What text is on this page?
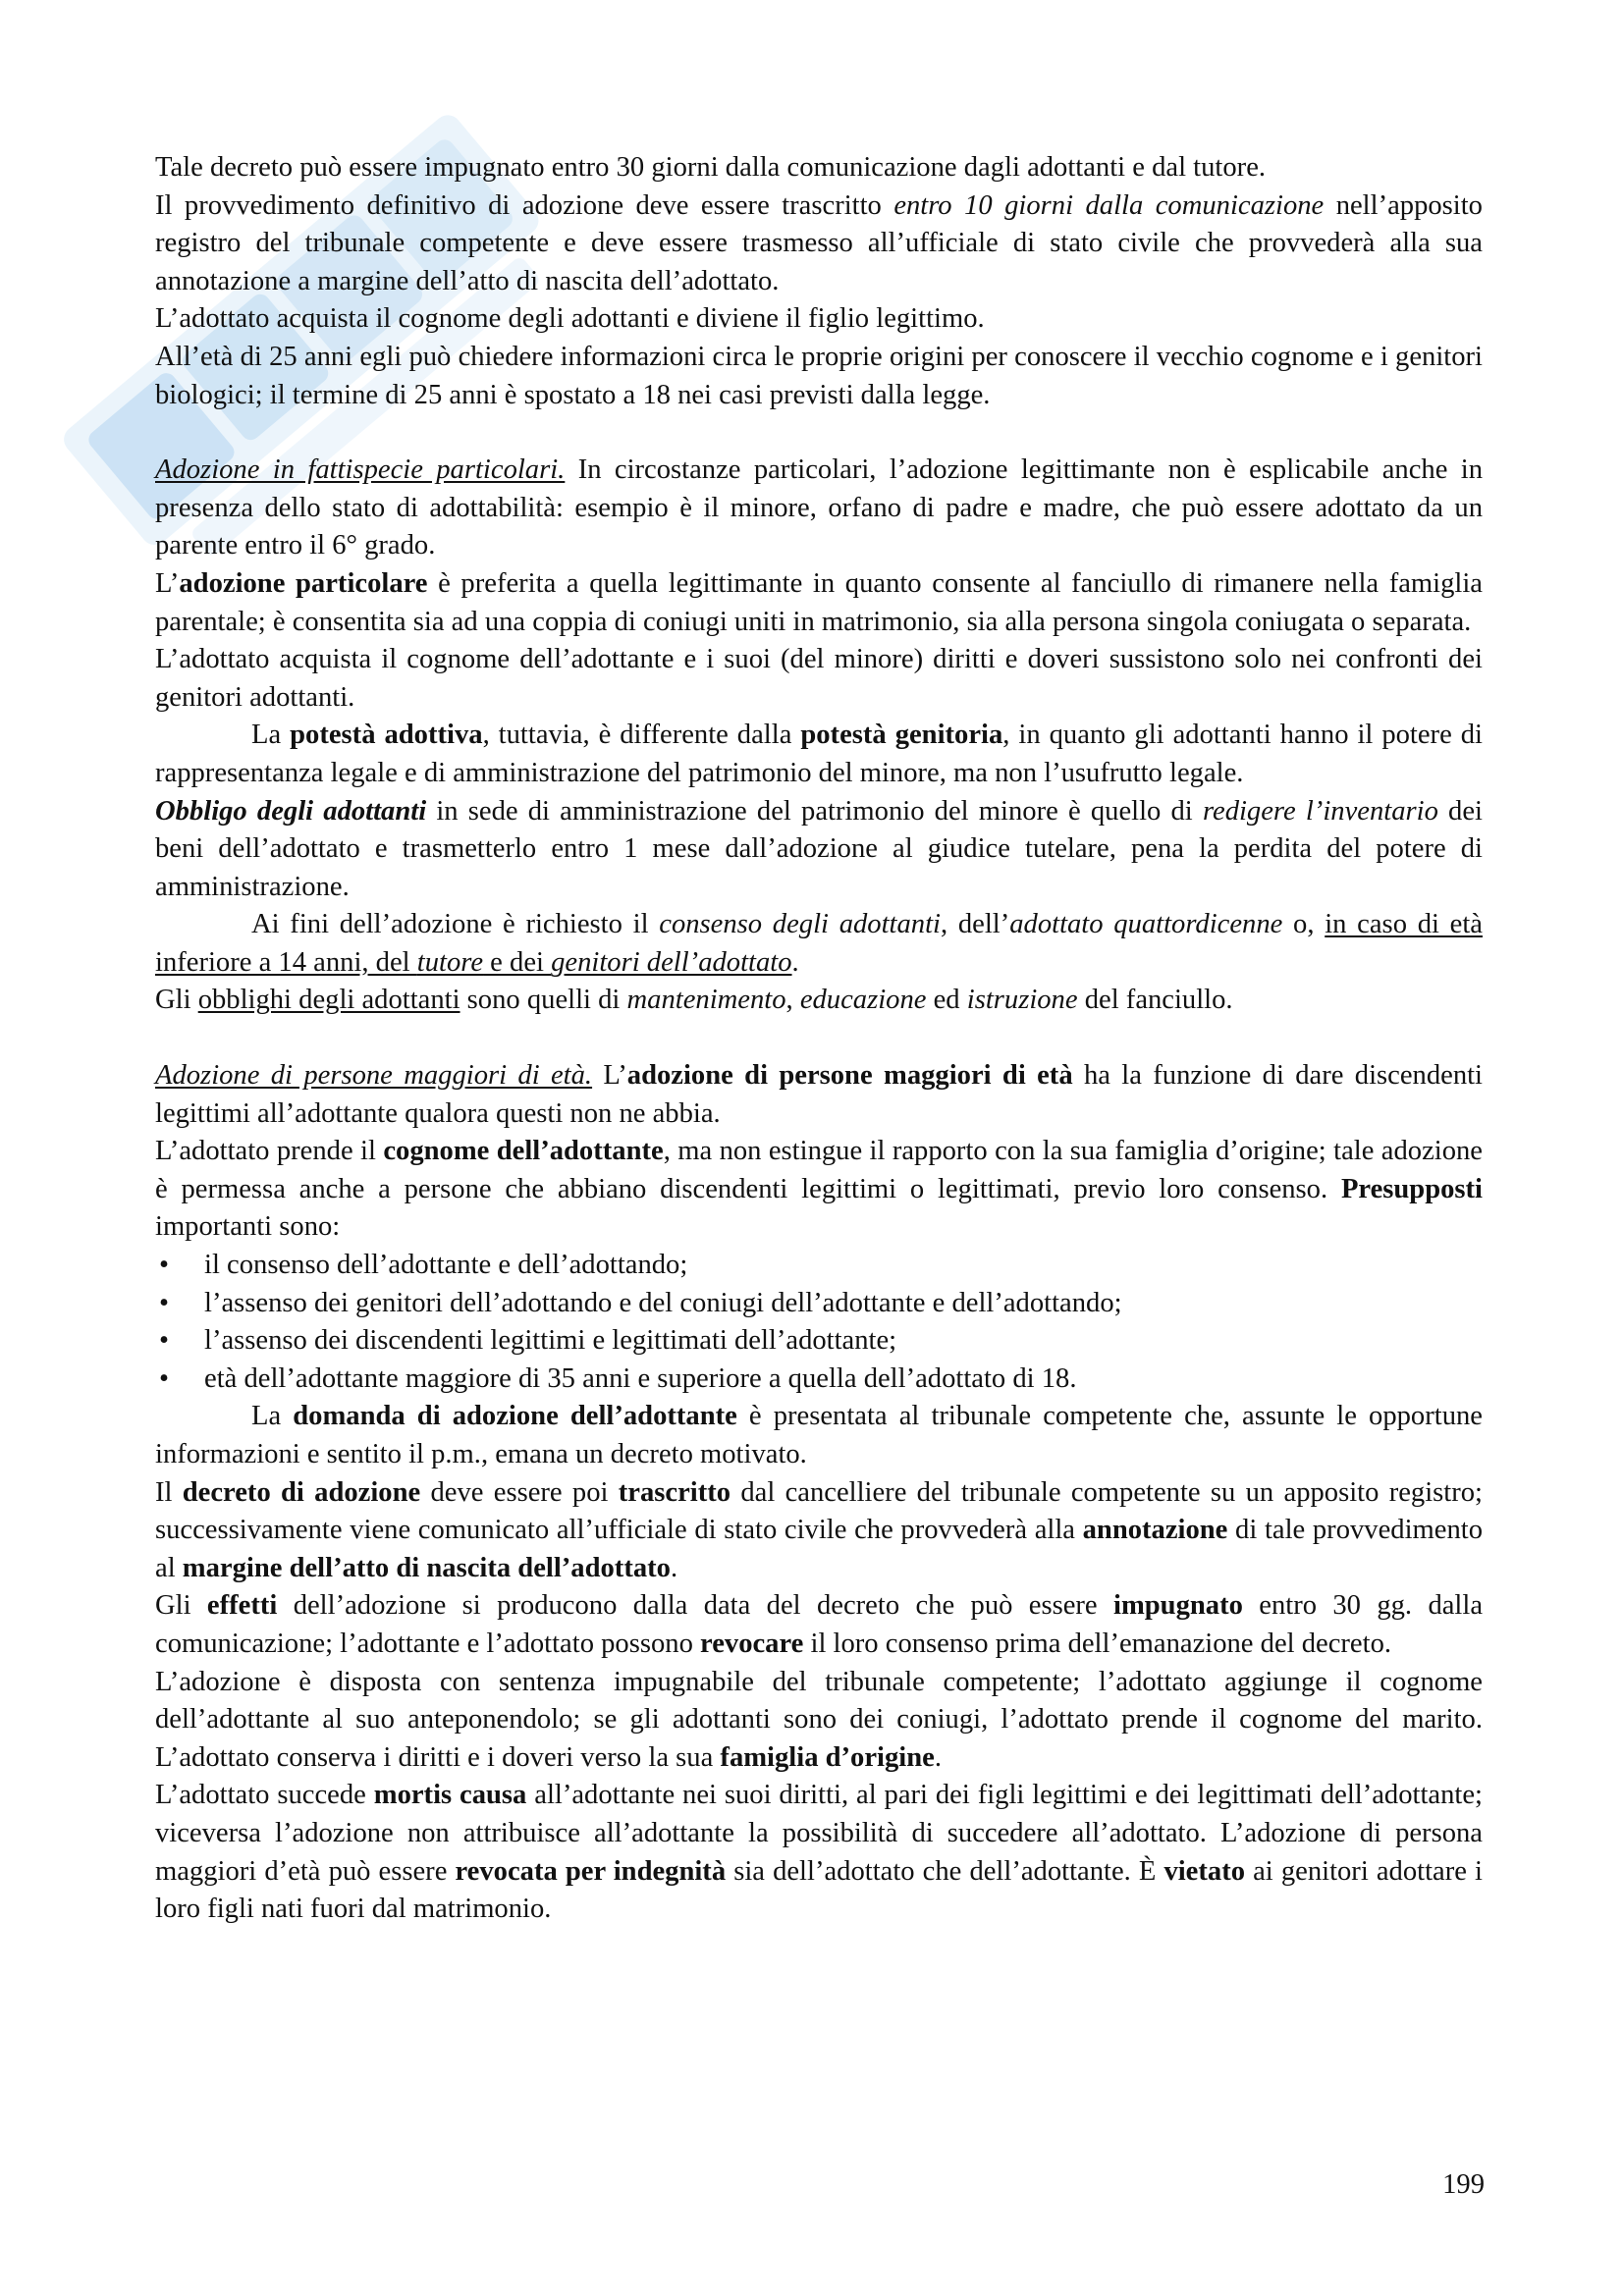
Tale decreto può essere impugnato entro 30 giorni dalla comunicazione dagli adottanti e dal tutore.

Il provvedimento definitivo di adozione deve essere trascritto entro 10 giorni dalla comunicazione nell’apposito registro del tribunale competente e deve essere trasmesso all’ufficiale di stato civile che provvederà alla sua annotazione a margine dell’atto di nascita dell’adottato.

L’adottato acquista il cognome degli adottanti e diviene il figlio legittimo.

All’età di 25 anni egli può chiedere informazioni circa le proprie origini per conoscere il vecchio cognome e i genitori biologici; il termine di 25 anni è spostato a 18 nei casi previsti dalla legge.

Adozione in fattispecie particolari. In circostanze particolari, l’adozione legittimante non è esplicabile anche in presenza dello stato di adottabilità: esempio è il minore, orfano di padre e madre, che può essere adottato da un parente entro il 6° grado.

L’adozione particolare è preferita a quella legittimante in quanto consente al fanciullo di rimanere nella famiglia parentale; è consentita sia ad una coppia di coniugi uniti in matrimonio, sia alla persona singola coniugata o separata.

L’adottato acquista il cognome dell’adottante e i suoi (del minore) diritti e doveri sussistono solo nei confronti dei genitori adottanti.

La potestà adottiva, tuttavia, è differente dalla potestà genitoria, in quanto gli adottanti hanno il potere di rappresentanza legale e di amministrazione del patrimonio del minore, ma non l’usufrutto legale.

Obbligo degli adottanti in sede di amministrazione del patrimonio del minore è quello di redigere l’inventario dei beni dell’adottato e trasmetterlo entro 1 mese dall’adozione al giudice tutelare, pena la perdita del potere di amministrazione.

Ai fini dell’adozione è richiesto il consenso degli adottanti, dell’adottato quattordicenne o, in caso di età inferiore a 14 anni, del tutore e dei genitori dell’adottato.

Gli obblighi degli adottanti sono quelli di mantenimento, educazione ed istruzione del fanciullo.

Adozione di persone maggiori di età. L’adozione di persone maggiori di età ha la funzione di dare discendenti legittimi all’adottante qualora questi non ne abbia.

L’adottato prende il cognome dell’adottante, ma non estingue il rapporto con la sua famiglia d’origine; tale adozione è permessa anche a persone che abbiano discendenti legittimi o legittimati, previo loro consenso. Presupposti importanti sono:

• il consenso dell’adottante e dell’adottando;
• l’assenso dei genitori dell’adottando e del coniugi dell’adottante e dell’adottando;
• l’assenso dei discendenti legittimi e legittimati dell’adottante;
• età dell’adottante maggiore di 35 anni e superiore a quella dell’adottato di 18.

La domanda di adozione dell’adottante è presentata al tribunale competente che, assunte le opportune informazioni e sentito il p.m., emana un decreto motivato.

Il decreto di adozione deve essere poi trascritto dal cancelliere del tribunale competente su un apposito registro; successivamente viene comunicato all’ufficiale di stato civile che provvederà alla annotazione di tale provvedimento al margine dell’atto di nascita dell’adottato.

Gli effetti dell’adozione si producono dalla data del decreto che può essere impugnato entro 30 gg. dalla comunicazione; l’adottante e l’adottato possono revocare il loro consenso prima dell’emanazione del decreto.

L’adozione è disposta con sentenza impugnabile del tribunale competente; l’adottato aggiunge il cognome dell’adottante al suo anteponendolo; se gli adottanti sono dei coniugi, l’adottato prende il cognome del marito. L’adottato conserva i diritti e i doveri verso la sua famiglia d’origine.

L’adottato succede mortis causa all’adottante nei suoi diritti, al pari dei figli legittimi e dei legittimati dell’adottante; viceversa l’adozione non attribuisce all’adottante la possibilità di succedere all’adottato. L’adozione di persona maggiori d’età può essere revocata per indegnità sia dell’adottato che dell’adottante. È vietato ai genitori adottare i loro figli nati fuori dal matrimonio.

199
